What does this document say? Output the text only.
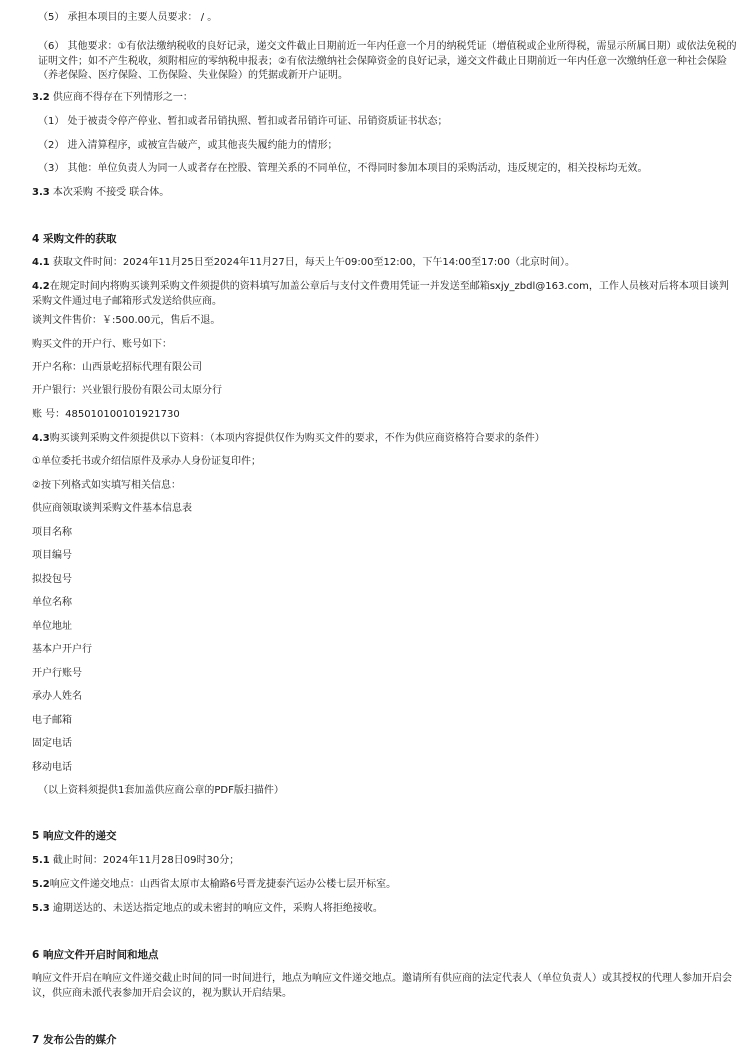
（5） 承担本项目的主要人员要求： / 。

（6） 其他要求：①有依法缴纳税收的良好记录，递交文件截止日期前近一年内任意一个月的纳税凭证（增值税或企业所得税，需显示所属日期）或依法免税的证明文件；如不产生税收，须附相应的零纳税申报表；②有依法缴纳社会保障资金的良好记录，递交文件截止日期前近一年内任意一次缴纳任意一种社会保险（养老保险、医疗保险、工伤保险、失业保险）的凭据或新开户证明。

3.2 供应商不得存在下列情形之一：

（1） 处于被责令停产停业、暂扣或者吊销执照、暂扣或者吊销许可证、吊销资质证书状态；

（2） 进入清算程序，或被宣告破产，或其他丧失履约能力的情形；

（3） 其他：单位负责人为同一人或者存在控股、管理关系的不同单位，不得同时参加本项目的采购活动，违反规定的，相关投标均无效。

3.3 本次采购 不接受 联合体。

4 采购文件的获取

4.1 获取文件时间：2024年11月25日至2024年11月27日，每天上午09:00至12:00，下午14:00至17:00（北京时间）。

4.2在规定时间内将购买谈判采购文件须提供的资料填写加盖公章后与支付文件费用凭证一并发送至邮箱sxjy_zbdl@163.com，工作人员核对后将本项目谈判采购文件通过电子邮箱形式发送给供应商。

谈判文件售价：￥:500.00元，售后不退。

购买文件的开户行、账号如下：

开户名称：山西景屹招标代理有限公司

开户银行：兴业银行股份有限公司太原分行

账 号：485010100101921730

4.3购买谈判采购文件须提供以下资料：（本项内容提供仅作为购买文件的要求，不作为供应商资格符合要求的条件）

①单位委托书或介绍信原件及承办人身份证复印件；

②按下列格式如实填写相关信息：

供应商领取谈判采购文件基本信息表

项目名称

项目编号

拟投包号

单位名称

单位地址

基本户开户行

开户行账号

承办人姓名

电子邮箱

固定电话

移动电话

（以上资料须提供1套加盖供应商公章的PDF版扫描件）

5 响应文件的递交

5.1 截止时间：2024年11月28日09时30分；

5.2响应文件递交地点：山西省太原市太榆路6号晋龙捷泰汽运办公楼七层开标室。

5.3 逾期送达的、未送达指定地点的或未密封的响应文件，采购人将拒绝接收。

6 响应文件开启时间和地点

响应文件开启在响应文件递交截止时间的同一时间进行，地点为响应文件递交地点。邀请所有供应商的法定代表人（单位负责人）或其授权的代理人参加开启会议，供应商未派代表参加开启会议的，视为默认开启结果。

7 发布公告的媒介
